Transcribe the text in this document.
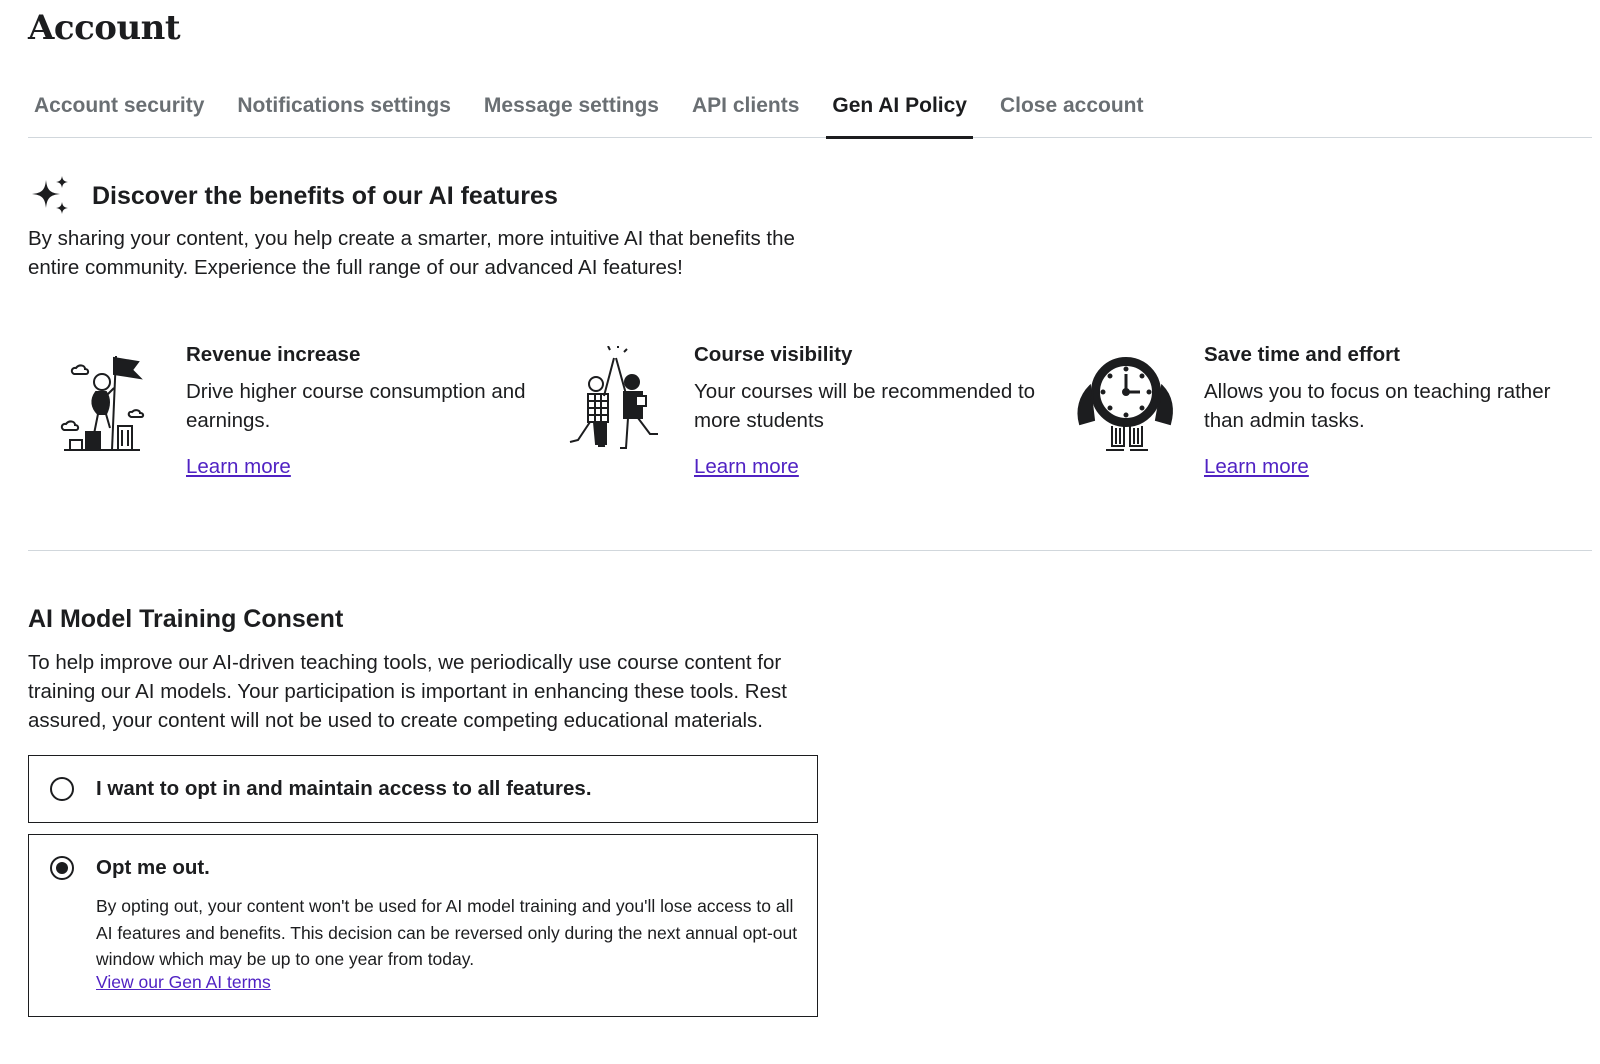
Account
Account security Notifications settings Message settings API clients Gen AI Policy Close account
Discover the benefits of our AI features

By sharing your content, you help create a smarter, more intuitive AI that benefits the entire community. Experience the full range of our advanced AI features!

Revenue increase

Drive higher course consumption and earnings.

Learn more
Course visibility

Your courses will be recommended to more students

Learn more
Save time and effort

Allows you to focus on teaching rather than admin tasks.

Learn more
AI Model Training Consent

To help improve our AI-driven teaching tools, we periodically use course content for training our AI models. Your participation is important in enhancing these tools. Rest assured, your content will not be used to create competing educational materials.

I want to opt in and maintain access to all features.
Opt me out.

By opting out, your content won't be used for AI model training and you'll lose access to all AI features and benefits. This decision can be reversed only during the next annual opt-out window which may be up to one year from today.

View our Gen AI terms
